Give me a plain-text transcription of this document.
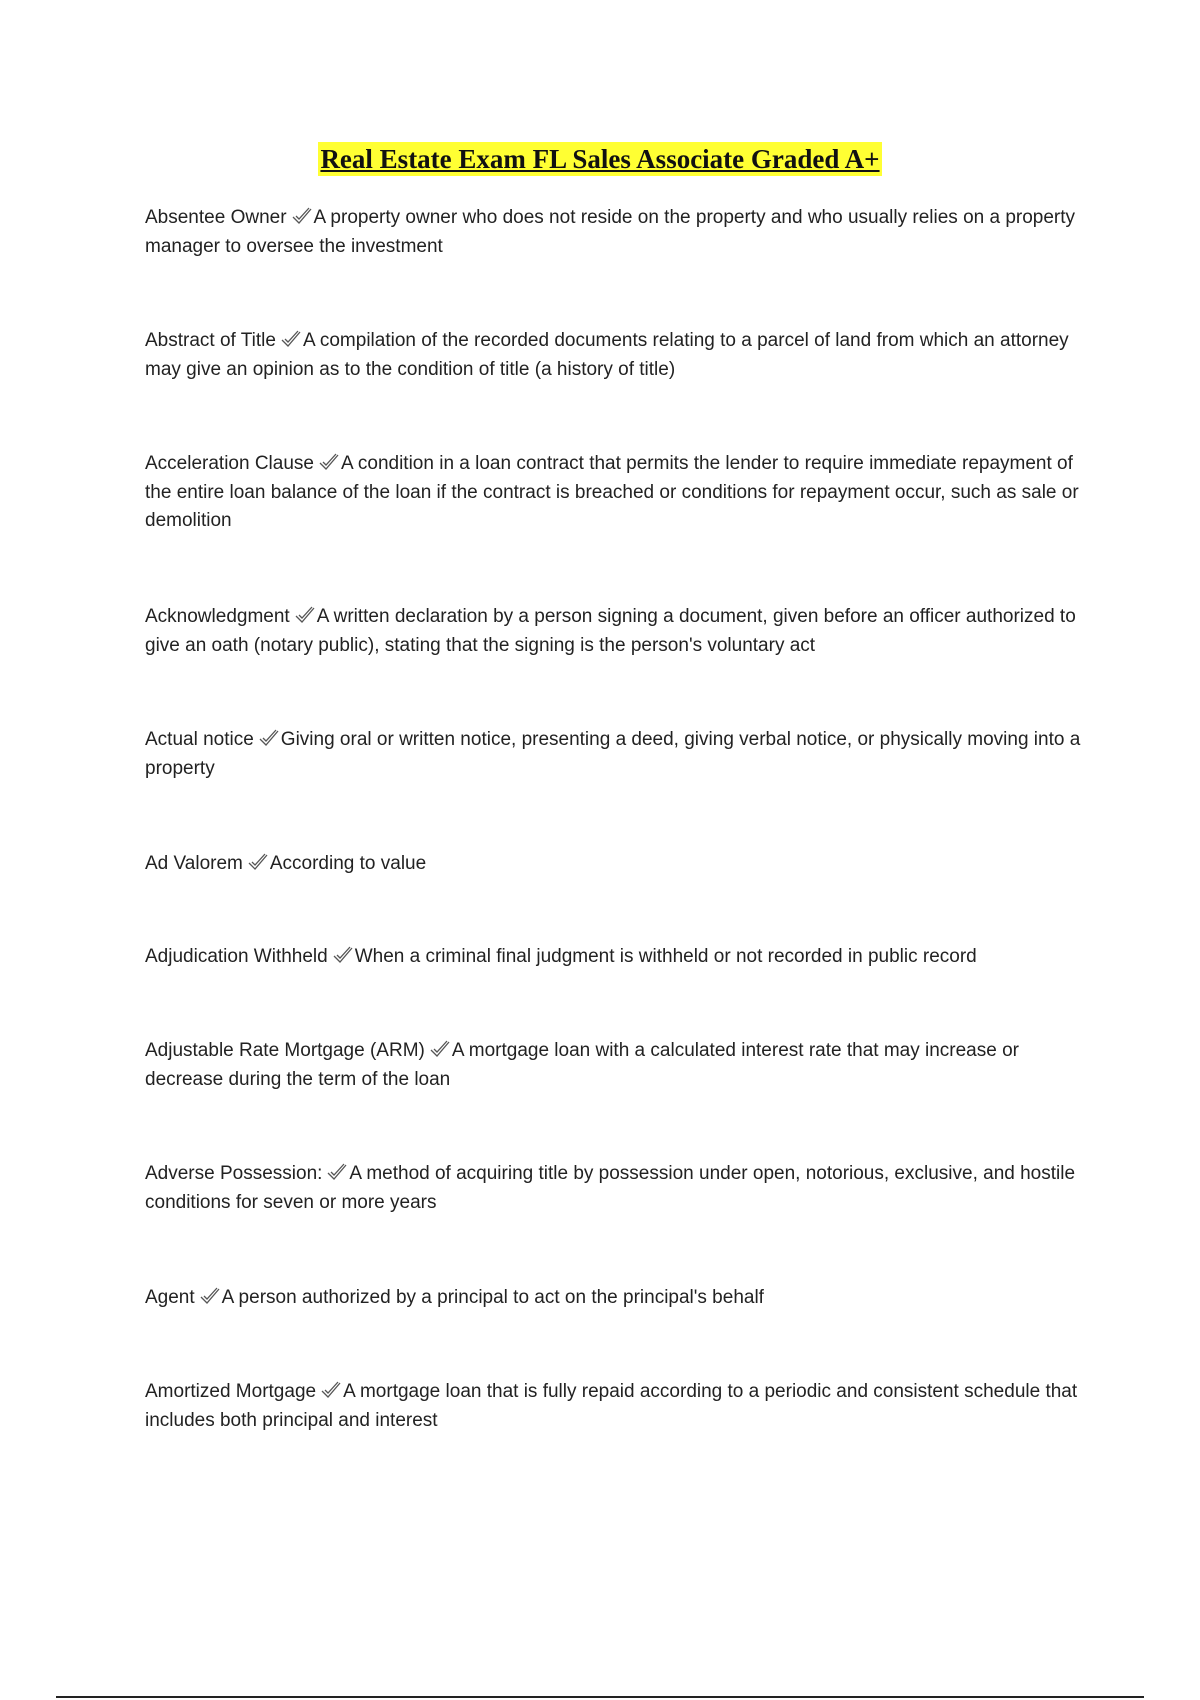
Real Estate Exam FL Sales Associate Graded A+

Absentee Owner A property owner who does not reside on the property and who usually relies on a property manager to oversee the investment

Abstract of Title A compilation of the recorded documents relating to a parcel of land from which an attorney may give an opinion as to the condition of title (a history of title)

Acceleration Clause A condition in a loan contract that permits the lender to require immediate repayment of the entire loan balance of the loan if the contract is breached or conditions for repayment occur, such as sale or demolition

Acknowledgment A written declaration by a person signing a document, given before an officer authorized to give an oath (notary public), stating that the signing is the person's voluntary act

Actual notice Giving oral or written notice, presenting a deed, giving verbal notice, or physically moving into a property

Ad Valorem According to value

Adjudication Withheld When a criminal final judgment is withheld or not recorded in public record

Adjustable Rate Mortgage (ARM) A mortgage loan with a calculated interest rate that may increase or decrease during the term of the loan

Adverse Possession: A method of acquiring title by possession under open, notorious, exclusive, and hostile conditions for seven or more years

Agent A person authorized by a principal to act on the principal's behalf

Amortized Mortgage A mortgage loan that is fully repaid according to a periodic and consistent schedule that includes both principal and interest
